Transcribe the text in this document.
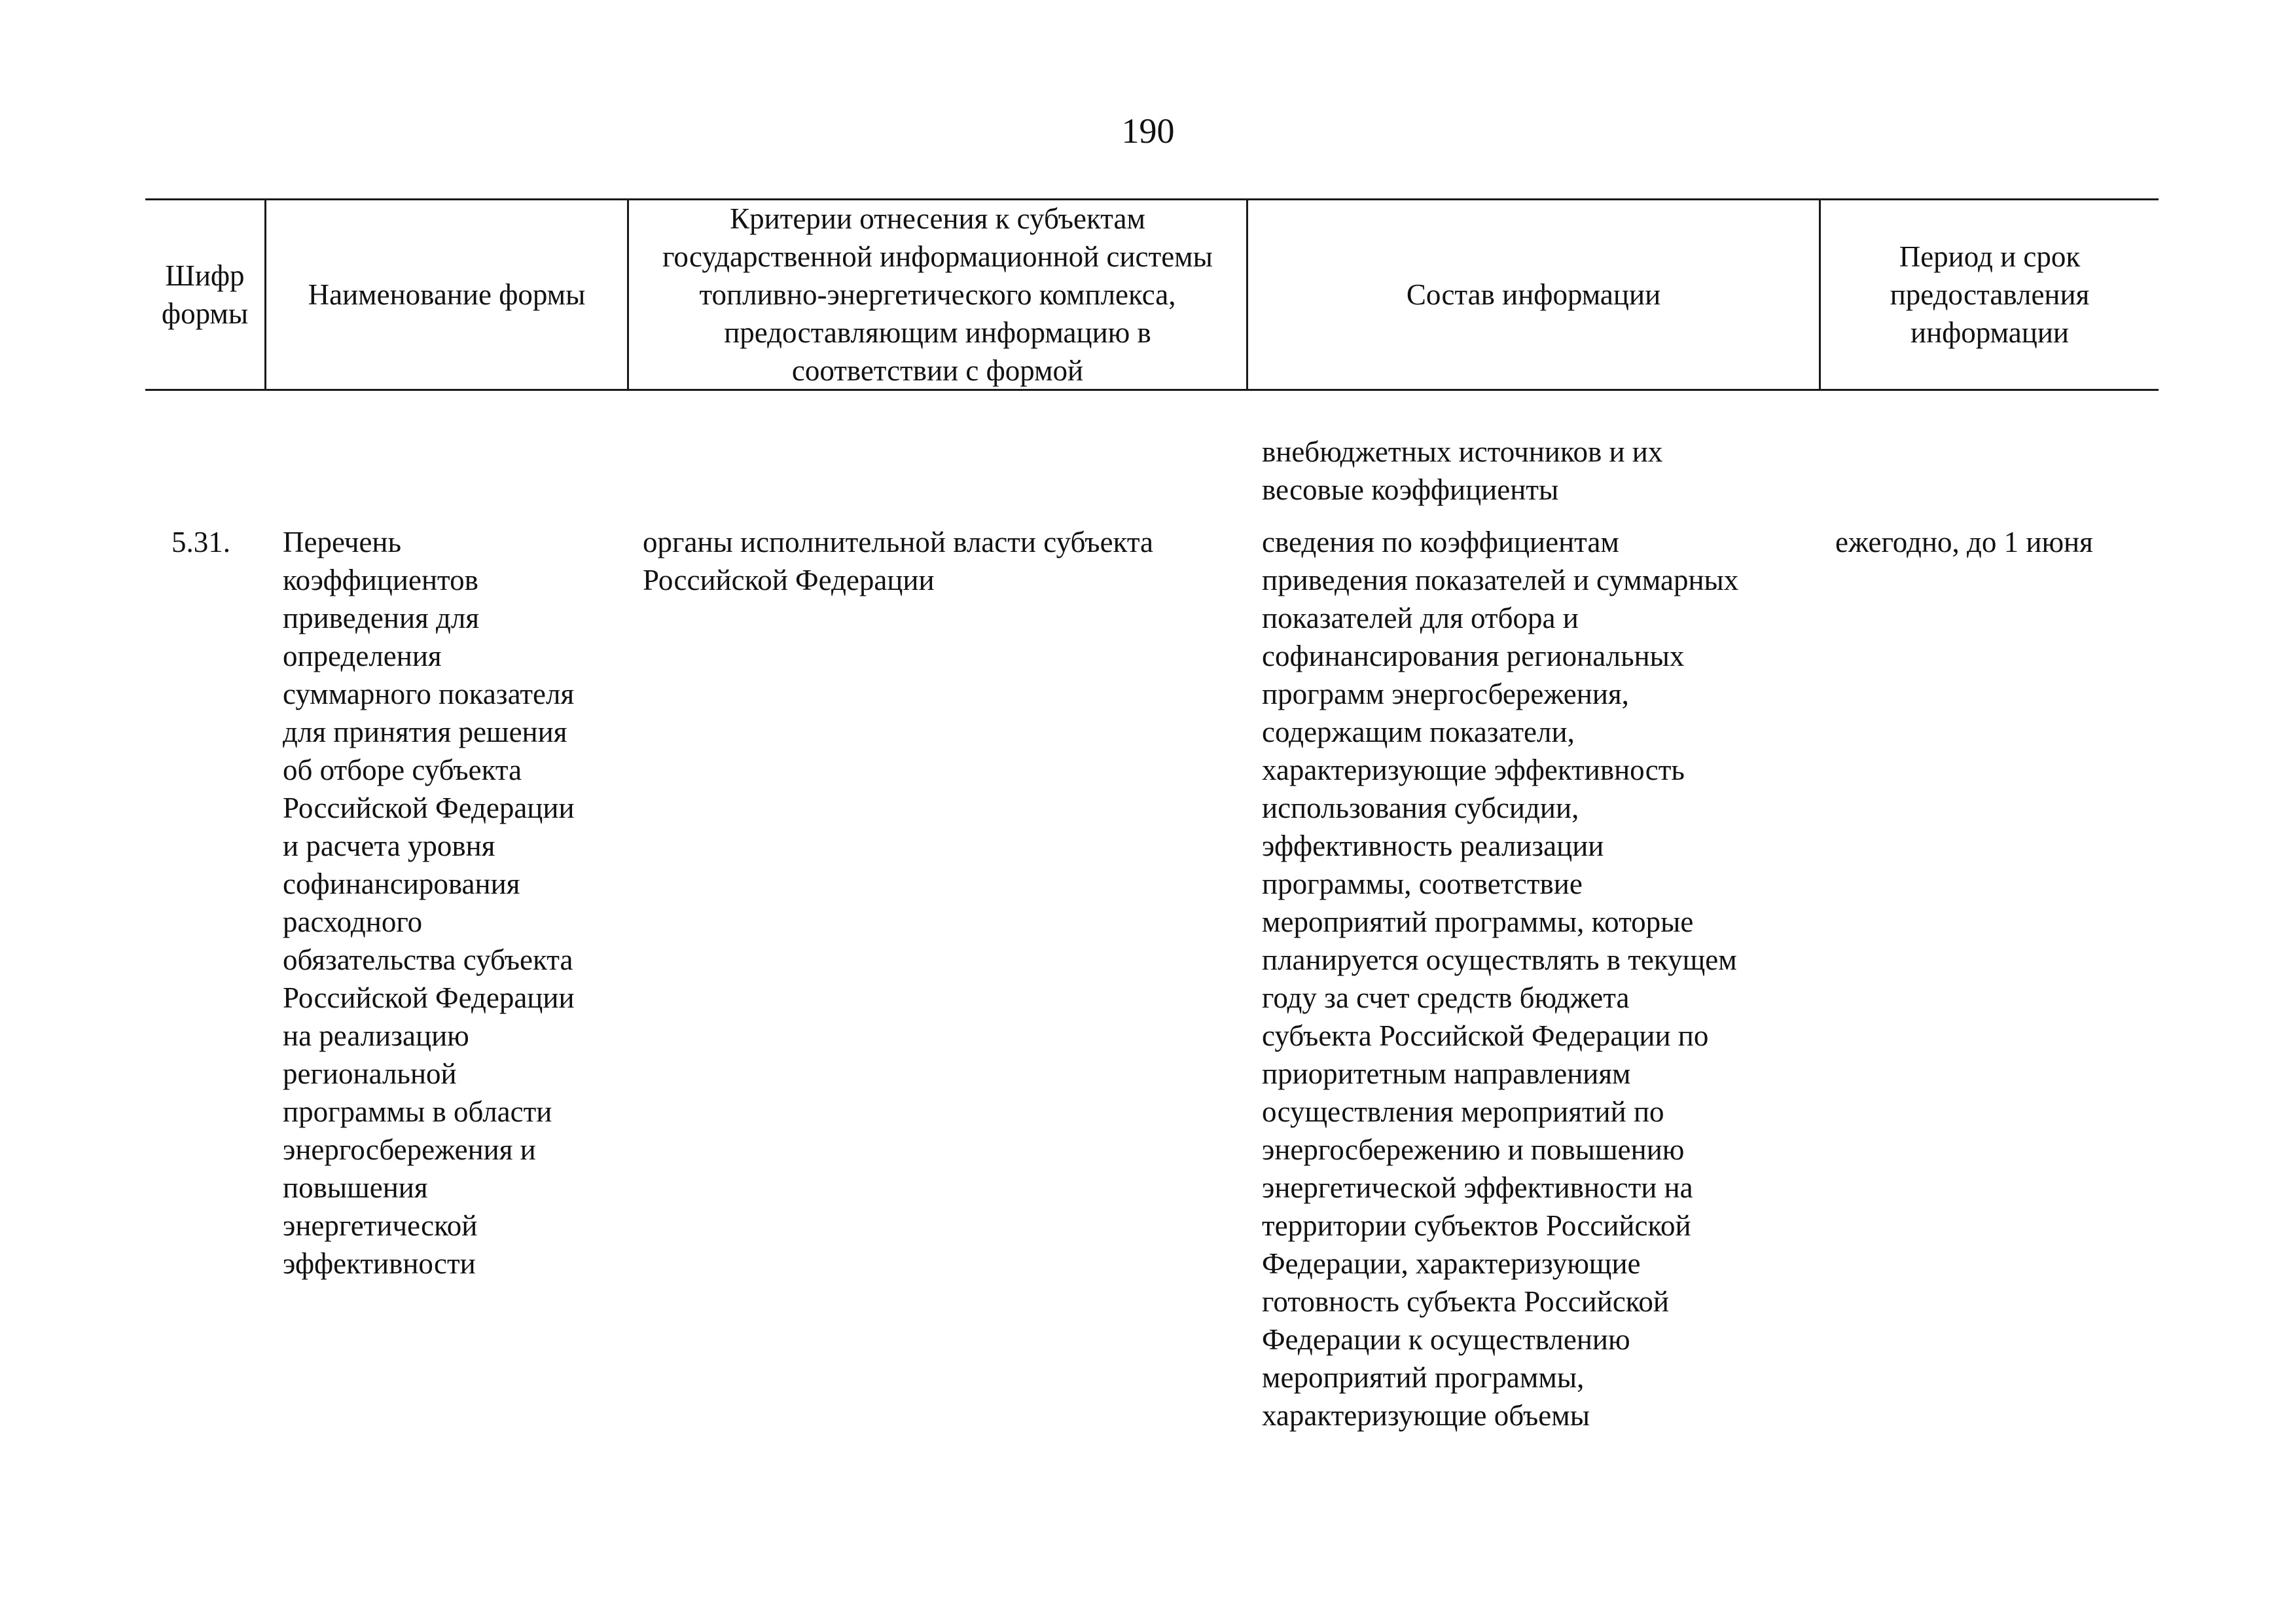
190
Шифр
формы
Наименование формы
Критерии отнесения к субъектам государственной информационной системы топливно-энергетического комплекса, предоставляющим информацию в соответствии с формой
Состав информации
Период и срок предоставления информации
внебюджетных источников и их
весовые коэффициенты
5.31.	Перечень
коэффициентов
приведения для
определения
суммарного показателя
для принятия решения
об отборе субъекта
Российской Федерации
и расчета уровня
софинансирования
расходного
обязательства субъекта
Российской Федерации
на реализацию
региональной
программы в области
энергосбережения и
повышения
энергетической
эффективности
органы исполнительной власти субъекта
Российской Федерации
сведения по коэффициентам
приведения показателей и суммарных
показателей для отбора и
софинансирования региональных
программ энергосбережения,
содержащим показатели,
характеризующие эффективность
использования субсидии,
эффективность реализации
программы, соответствие
мероприятий программы, которые
планируется осуществлять в текущем
году за счет средств бюджета
субъекта Российской Федерации по
приоритетным направлениям
осуществления мероприятий по
энергосбережению и повышению
энергетической эффективности на
территории субъектов Российской
Федерации, характеризующие
готовность субъекта Российской
Федерации к осуществлению
мероприятий программы,
характеризующие объемы
ежегодно, до 1 июня
